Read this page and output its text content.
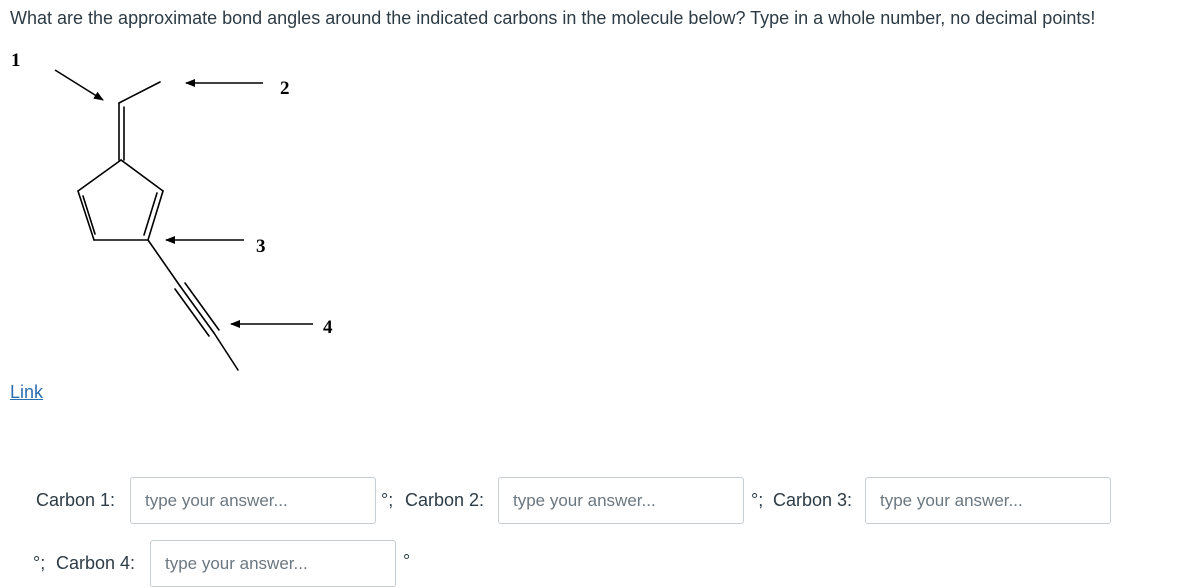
What are the approximate bond angles around the indicated carbons in the molecule below? Type in a whole number, no decimal points!
1
2
3
4
Link
Carbon 1:
type your answer...	°; Carbon 2:
type your answer...	°; Carbon 3:
type your answer...
°; Carbon 4:
type your answer...	°
